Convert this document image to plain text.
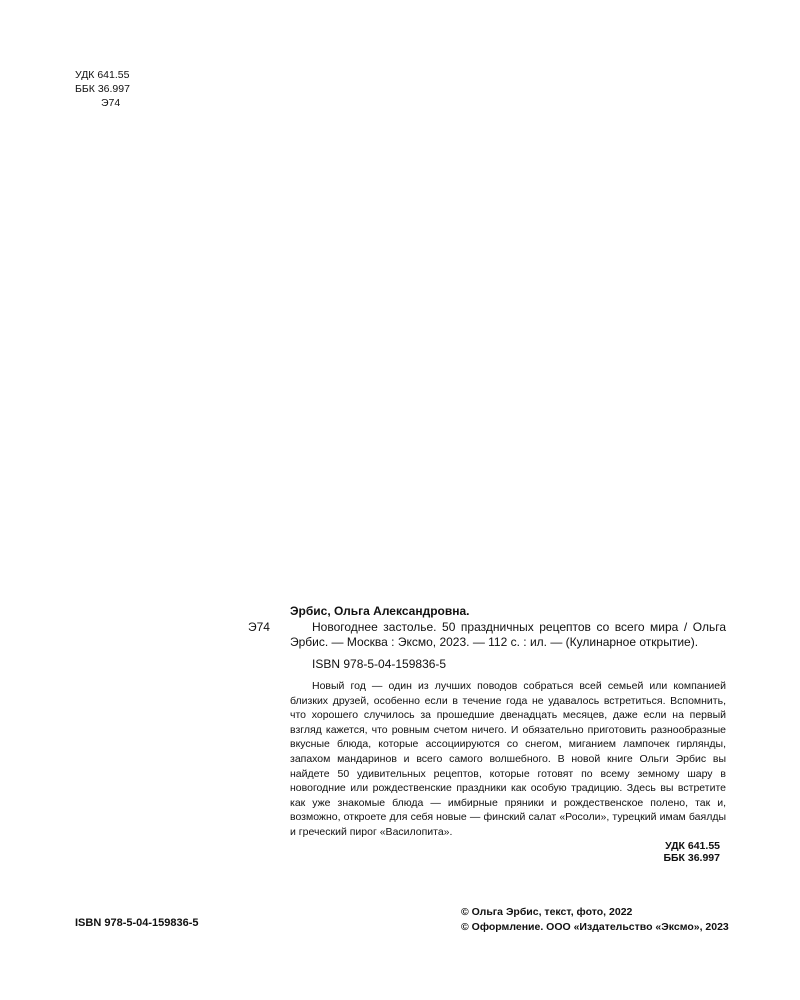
УДК 641.55
ББК 36.997
Э74
Э74
Эрбис, Ольга Александровна.
Новогоднее застолье. 50 праздничных рецептов со всего мира / Ольга Эрбис. — Москва : Эксмо, 2023. — 112 с. : ил. — (Кулинарное открытие).
ISBN 978-5-04-159836-5
Новый год — один из лучших поводов собраться всей семьей или компанией близких друзей, особенно если в течение года не удавалось встретиться. Вспомнить, что хорошего случилось за прошедшие двенадцать месяцев, даже если на первый взгляд кажется, что ровным счетом ничего. И обязательно приготовить разнообразные вкусные блюда, которые ассоциируются со снегом, миганием лампочек гирлянды, запахом мандаринов и всего самого волшебного. В новой книге Ольги Эрбис вы найдете 50 удивительных рецептов, которые готовят по всему земному шару в новогодние или рождественские праздники как особую традицию. Здесь вы встретите как уже знакомые блюда — имбирные пряники и рождественское полено, так и, возможно, откроете для себя новые — финский салат «Росоли», турецкий имам баялды и греческий пирог «Василопита».
УДК 641.55
ББК 36.997
ISBN 978-5-04-159836-5
© Ольга Эрбис, текст, фото, 2022
© Оформление. ООО «Издательство «Эксмо», 2023
